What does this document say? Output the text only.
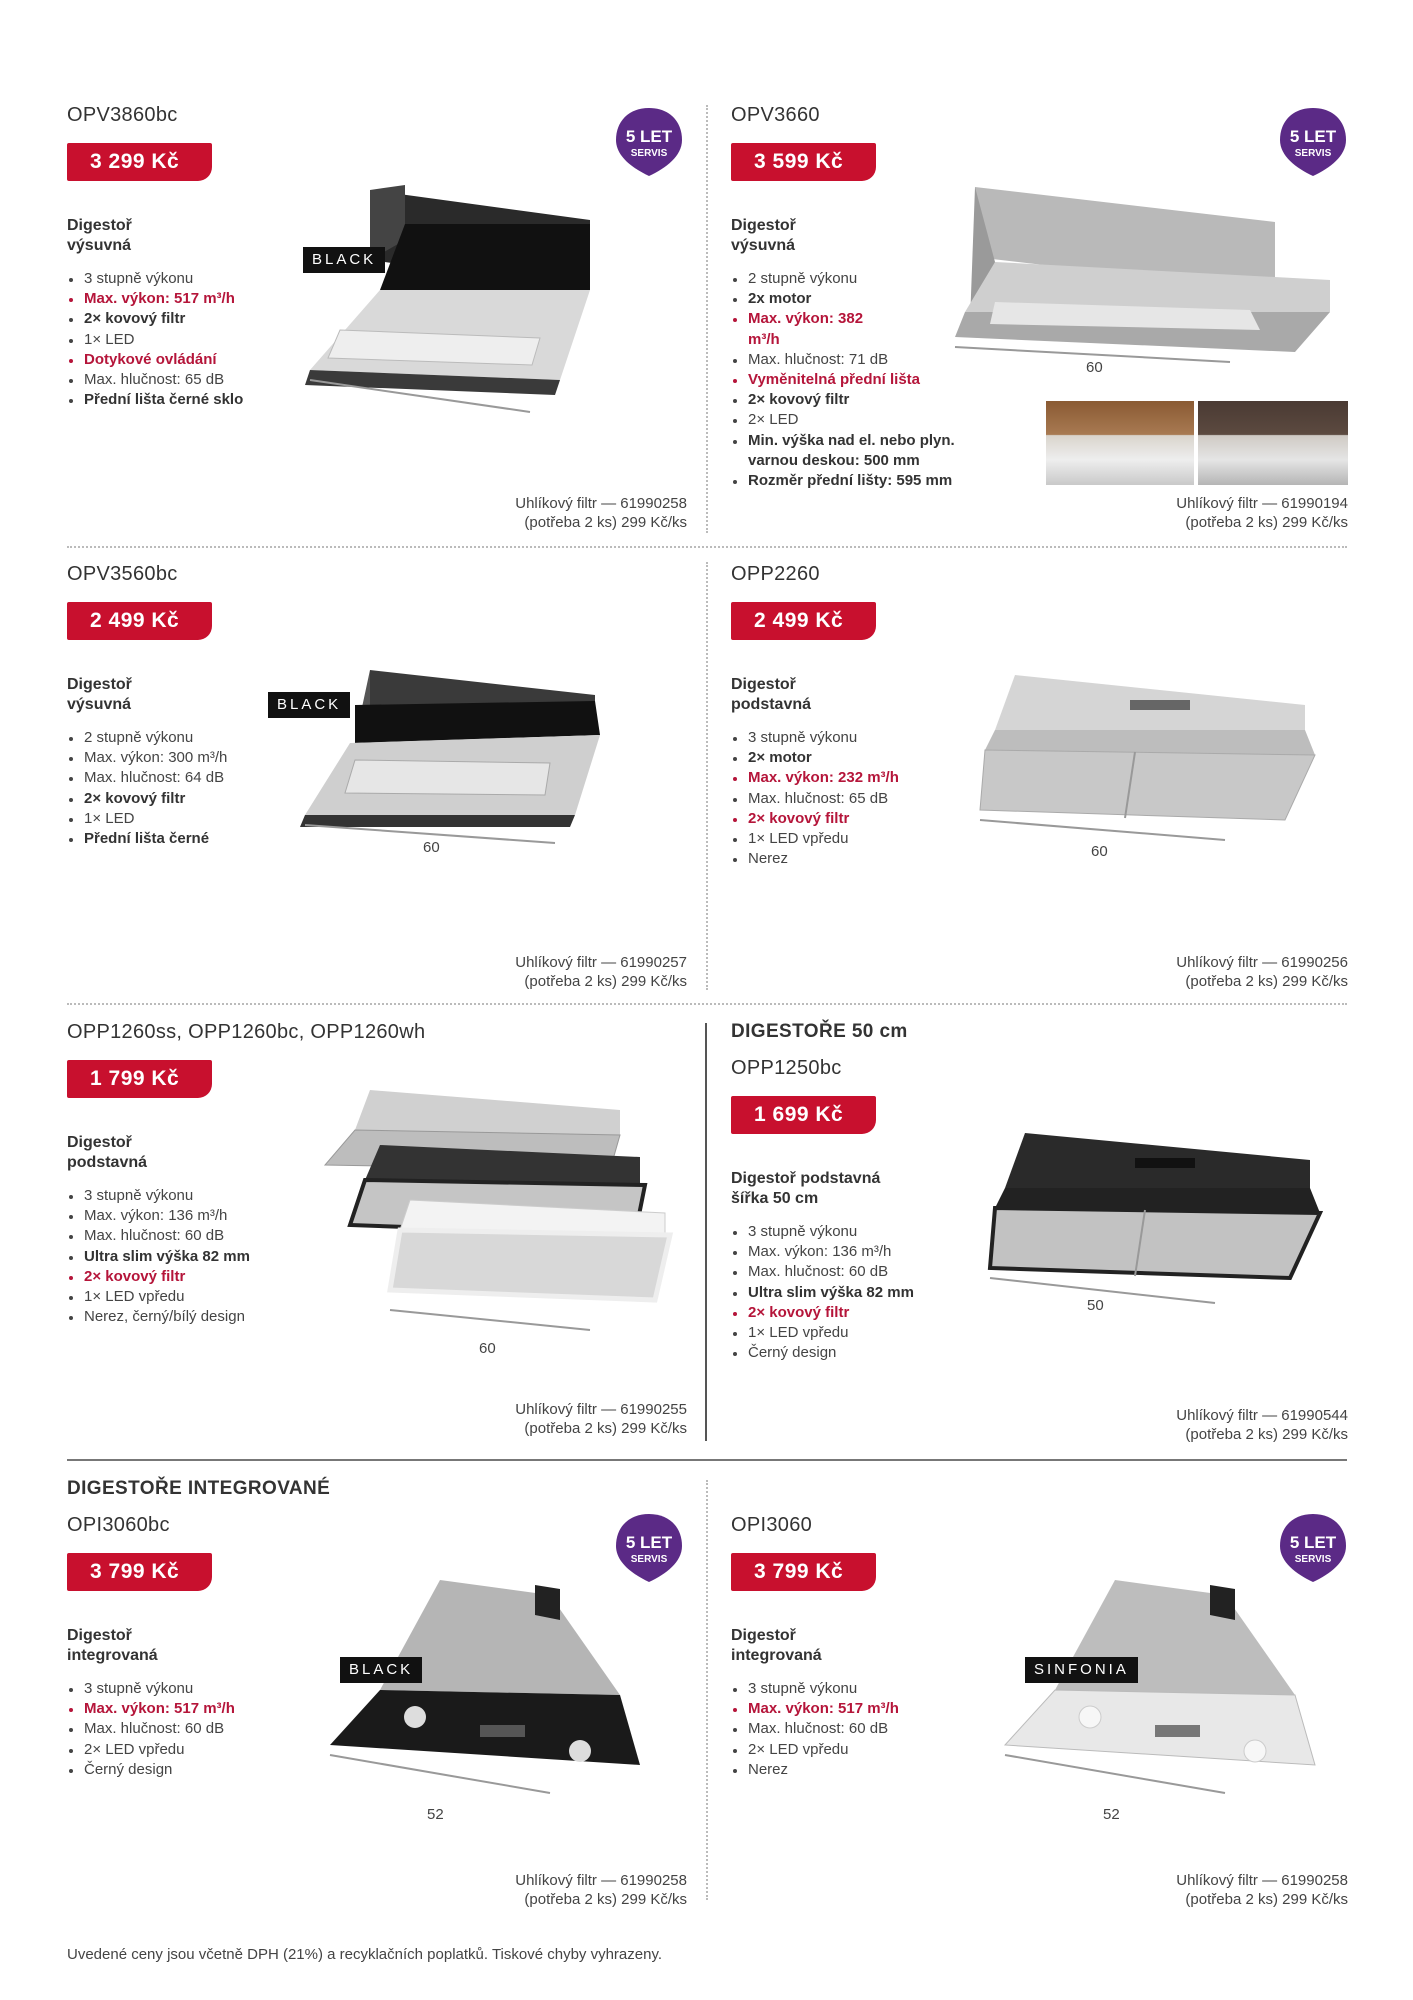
OPV3860bc
3 299 Kč
Digestoř
výsuvná
3 stupně výkonu
Max. výkon: 517 m³/h
2× kovový filtr
1× LED
Dotykové ovládání
Max. hlučnost: 65 dB
Přední lišta černé sklo
5 LET
SERVIS
BLACK
Uhlíkový filtr — 61990258
(potřeba 2 ks) 299 Kč/ks
OPV3660
3 599 Kč
Digestoř
výsuvná
2 stupně výkonu
2x motor
Max. výkon: 382 m³/h
Max. hlučnost: 71 dB
Vyměnitelná přední lišta
2× kovový filtr
2× LED
Min. výška nad el. nebo plyn. varnou deskou: 500 mm
Rozměr přední lišty: 595 mm
5 LET
SERVIS
60
Uhlíkový filtr — 61990194
(potřeba 2 ks) 299 Kč/ks
OPV3560bc
2 499 Kč
Digestoř
výsuvná
2 stupně výkonu
Max. výkon: 300 m³/h
Max. hlučnost: 64 dB
2× kovový filtr
1× LED
Přední lišta černé
BLACK
60
Uhlíkový filtr — 61990257
(potřeba 2 ks) 299 Kč/ks
OPP2260
2 499 Kč
Digestoř
podstavná
3 stupně výkonu
2× motor
Max. výkon: 232 m³/h
Max. hlučnost: 65 dB
2× kovový filtr
1× LED vpředu
Nerez	60
Uhlíkový filtr — 61990256
(potřeba 2 ks) 299 Kč/ks
OPP1260ss, OPP1260bc, OPP1260wh
1 799 Kč
Digestoř
podstavná
3 stupně výkonu
Max. výkon: 136 m³/h
Max. hlučnost: 60 dB
Ultra slim výška 82 mm
2× kovový filtr
1× LED vpředu
Nerez, černý/bílý design
60
Uhlíkový filtr — 61990255
(potřeba 2 ks) 299 Kč/ks
DIGESTOŘE 50 cm
OPP1250bc
1 699 Kč
Digestoř podstavná
šířka 50 cm
3 stupně výkonu
Max. výkon: 136 m³/h
Max. hlučnost: 60 dB
Ultra slim výška 82 mm
2× kovový filtr
1× LED vpředu
Černý design
50
Uhlíkový filtr — 61990544
(potřeba 2 ks) 299 Kč/ks
DIGESTOŘE INTEGROVANÉ
OPI3060bc
3 799 Kč
Digestoř
integrovaná
3 stupně výkonu
Max. výkon: 517 m³/h
Max. hlučnost: 60 dB
2× LED vpředu
Černý design
5 LET
SERVIS
BLACK
52
Uhlíkový filtr — 61990258
(potřeba 2 ks) 299 Kč/ks
OPI3060
3 799 Kč
Digestoř
integrovaná
3 stupně výkonu
Max. výkon: 517 m³/h
Max. hlučnost: 60 dB
2× LED vpředu
Nerez
5 LET
SERVIS
SINFONIA
52
Uhlíkový filtr — 61990258
(potřeba 2 ks) 299 Kč/ks
Uvedené ceny jsou včetně DPH (21%) a recyklačních poplatků. Tiskové chyby vyhrazeny.
